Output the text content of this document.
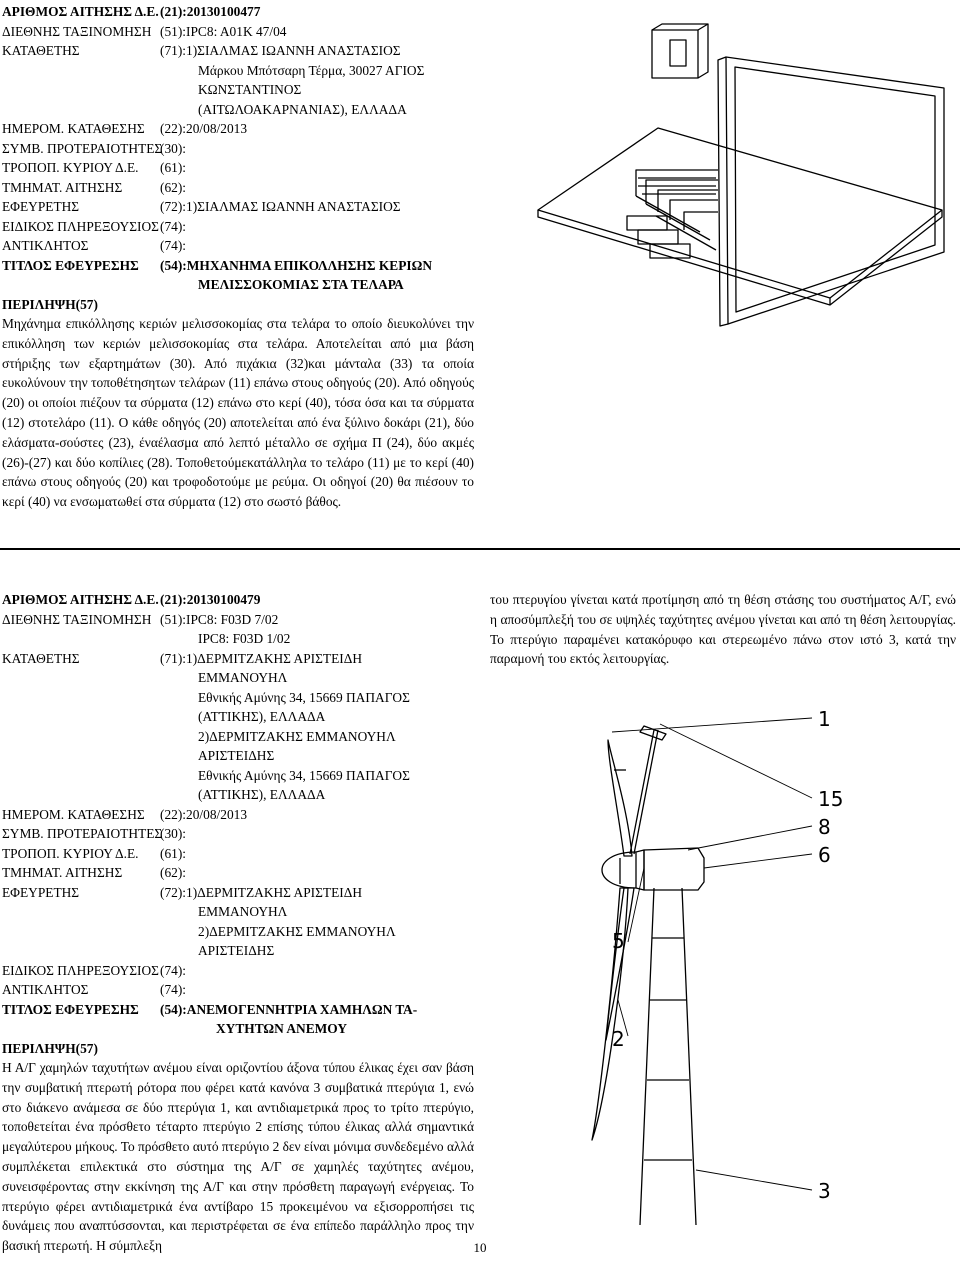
ΑΡΙΘΜΟΣ ΑΙΤΗΣΗΣ Δ.Ε. (21):20130100477
ΔΙΕΘΝΗΣ ΤΑΞΙΝΟΜΗΣΗ (51):IPC8: A01K 47/04
ΚΑΤΑΘΕΤΗΣ	(71):1)ΣΙΑΛΜΑΣ ΙΩΑΝΝΗ ΑΝΑΣΤΑΣΙΟΣ
Μάρκου Μπότσαρη Τέρμα, 30027 ΑΓΙΟΣ
ΚΩΝΣΤΑΝΤΙΝΟΣ
(ΑΙΤΩΛΟΑΚΑΡΝΑΝΙΑΣ), ΕΛΛΑΔΑ
ΗΜΕΡΟΜ. ΚΑΤΑΘΕΣΗΣ	(22):20/08/2013
ΣΥΜΒ. ΠΡΟΤΕΡΑΙΟΤΗΤΕΣ
(30):
ΤΡΟΠΟΠ. ΚΥΡΙΟΥ Δ.Ε.	(61):
ΤΜΗΜΑΤ. ΑΙΤΗΣΗΣ	(62):
ΕΦΕΥΡΕΤΗΣ	(72):1)ΣΙΑΛΜΑΣ ΙΩΑΝΝΗ ΑΝΑΣΤΑΣΙΟΣ
ΕΙΔΙΚΟΣ ΠΛΗΡΕΞΟΥΣΙΟΣ (74):
ΑΝΤΙΚΛΗΤΟΣ	(74):
ΤΙΤΛΟΣ ΕΦΕΥΡΕΣΗΣ	(54):ΜΗΧΑΝΗΜΑ ΕΠΙΚΟΛΛΗΣΗΣ ΚΕΡΙΩΝ
ΜΕΛΙΣΣΟΚΟΜΙΑΣ ΣΤΑ ΤΕΛΑΡΑ
ΠΕΡΙΛΗΨΗ(57)
Μηχάνημα επικόλλησης κεριών μελισσοκομίας στα τελάρα το οποίο διευκολύνει την επικόλληση των κεριών μελισσοκομίας στα τελάρα. Αποτελείται από μια βάση στήριξης των εξαρτημάτων (30). Από πιχάκια (32)και μάνταλα (33) τα οποία ευκολύνουν την τοποθέτησητων τελάρων (11) επάνω στους οδηγούς (20). Από οδηγούς (20) οι οποίοι πιέζουν τα σύρματα (12) επάνω στο κερί (40), τόσα όσα και τα σύρματα (12) στοτελάρο (11). Ο κάθε οδηγός (20) αποτελείται από ένα ξύλινο δοκάρι (21), δύο ελάσματα-σούστες (23), έναέλασμα από λεπτό μέταλλο σε σχήμα Π (24), δύο ακμές (26)-(27) και δύο κοπίλιες (28). Τοποθετούμεκατάλληλα το τελάρο (11) με το κερί (40) επάνω στους οδηγούς (20) και τροφοδοτούμε με ρεύμα. Οι οδηγοί (20) θα πιέσουν το κερί (40) να ενσωματωθεί στα σύρματα (12) στο σωστό βάθος.
ΑΡΙΘΜΟΣ ΑΙΤΗΣΗΣ Δ.Ε. (21):20130100479
ΔΙΕΘΝΗΣ ΤΑΞΙΝΟΜΗΣΗ (51):IPC8: F03D 7/02
IPC8: F03D 1/02
ΚΑΤΑΘΕΤΗΣ	(71):1)ΔΕΡΜΙΤΖΑΚΗΣ ΑΡΙΣΤΕΙΔΗ
ΕΜΜΑΝΟΥΗΛ
Εθνικής Αμύνης 34, 15669 ΠΑΠΑΓΟΣ
(ΑΤΤΙΚΗΣ), ΕΛΛΑΔΑ
2)ΔΕΡΜΙΤΖΑΚΗΣ ΕΜΜΑΝΟΥΗΛ
ΑΡΙΣΤΕΙΔΗΣ
Εθνικής Αμύνης 34, 15669 ΠΑΠΑΓΟΣ
(ΑΤΤΙΚΗΣ), ΕΛΛΑΔΑ
ΗΜΕΡΟΜ. ΚΑΤΑΘΕΣΗΣ	(22):20/08/2013
ΣΥΜΒ. ΠΡΟΤΕΡΑΙΟΤΗΤΕΣ
(30):
ΤΡΟΠΟΠ. ΚΥΡΙΟΥ Δ.Ε.	(61):
ΤΜΗΜΑΤ. ΑΙΤΗΣΗΣ	(62):
ΕΦΕΥΡΕΤΗΣ	(72):1)ΔΕΡΜΙΤΖΑΚΗΣ ΑΡΙΣΤΕΙΔΗ
ΕΜΜΑΝΟΥΗΛ
2)ΔΕΡΜΙΤΖΑΚΗΣ ΕΜΜΑΝΟΥΗΛ
ΑΡΙΣΤΕΙΔΗΣ
ΕΙΔΙΚΟΣ ΠΛΗΡΕΞΟΥΣΙΟΣ (74):
ΑΝΤΙΚΛΗΤΟΣ	(74):
ΤΙΤΛΟΣ ΕΦΕΥΡΕΣΗΣ	(54):ΑΝΕΜΟΓΕΝΝΗΤΡΙΑ ΧΑΜΗΛΩΝ ΤΑ-
ΧΥΤΗΤΩΝ ΑΝΕΜΟΥ
ΠΕΡΙΛΗΨΗ(57)
Η Α/Γ χαμηλών ταχυτήτων ανέμου είναι οριζοντίου άξονα τύπου έλικας έχει σαν βάση την συμβατική πτερωτή ρότορα που φέρει κατά κανόνα 3 συμβατικά πτερύγια 1, ενώ στο διάκενο ανάμεσα σε δύο πτερύγια 1, και αντιδιαμετρικά προς το τρίτο πτερύγιο, τοποθετείται ένα πρόσθετο τέταρτο πτερύγιο 2 επίσης τύπου έλικας αλλά σημαντικά μεγαλύτερου μήκους. Το πρόσθετο αυτό πτερύγιο 2 δεν είναι μόνιμα συνδεδεμένο αλλά συμπλέκεται επιλεκτικά στο σύστημα της Α/Γ σε χαμηλές ταχύτητες ανέμου, συνεισφέροντας στην εκκίνηση της Α/Γ και στην πρόσθετη παραγωγή ενέργειας. Το πτερύγιο φέρει αντιδιαμετρικά ένα αντίβαρο 15 προκειμένου να εξισορροπήσει τις δυνάμεις που αναπτύσσονται, και περιστρέφεται σε ένα επίπεδο παράλληλο προς την βασική πτερωτή. Η σύμπλεξη
του πτερυγίου γίνεται κατά προτίμηση από τη θέση στάσης του συστήματος Α/Γ, ενώ η αποσύμπλεξή του σε υψηλές ταχύτητες ανέμου γίνεται και από τη θέση λειτουργίας. Το πτερύγιο παραμένει κατακόρυφο και στερεωμένο πάνω στον ιστό 3, κατά την παραμονή του εκτός λειτουργίας.
1
15
8
6
5
2
3
10
